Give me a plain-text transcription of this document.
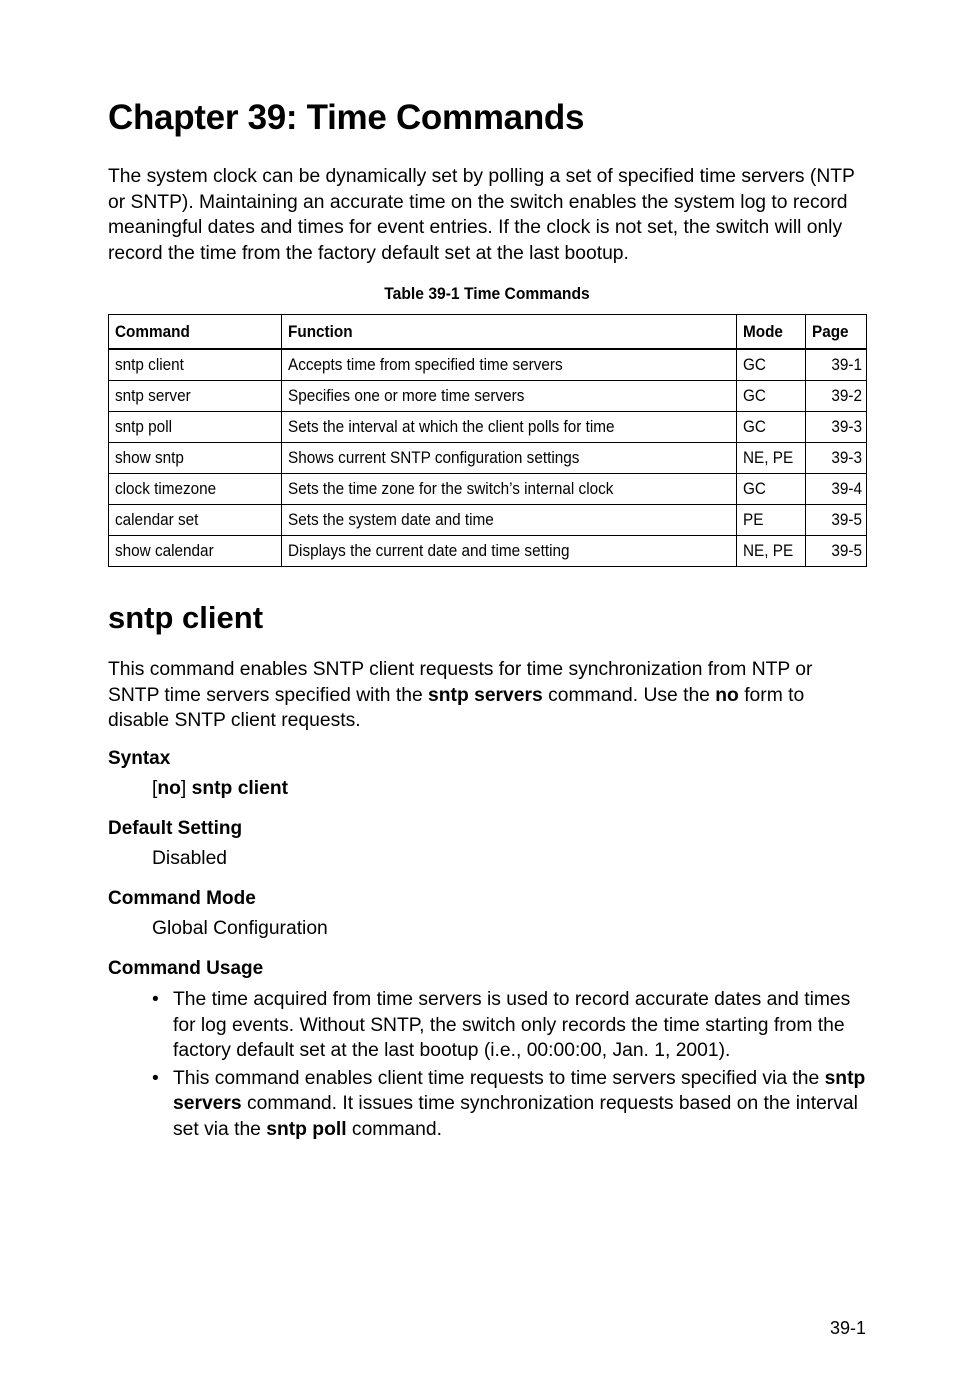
Chapter 39: Time Commands

The system clock can be dynamically set by polling a set of specified time servers (NTP or SNTP). Maintaining an accurate time on the switch enables the system log to record meaningful dates and times for event entries. If the clock is not set, the switch will only record the time from the factory default set at the last bootup.

Table 39-1 Time Commands
Command	Function	Mode	Page
sntp client	Accepts time from specified time servers	GC	39-1
sntp server	Specifies one or more time servers	GC	39-2
sntp poll	Sets the interval at which the client polls for time	GC	39-3
show sntp	Shows current SNTP configuration settings	NE, PE	39-3
clock timezone	Sets the time zone for the switch’s internal clock	GC	39-4
calendar set	Sets the system date and time	PE	39-5
show calendar	Displays the current date and time setting	NE, PE	39-5
sntp client

This command enables SNTP client requests for time synchronization from NTP or SNTP time servers specified with the sntp servers command. Use the no form to disable SNTP client requests.

Syntax

[no] sntp client

Default Setting

Disabled

Command Mode

Global Configuration

Command Usage
• The time acquired from time servers is used to record accurate dates and times for log events. Without SNTP, the switch only records the time starting from the factory default set at the last bootup (i.e., 00:00:00, Jan. 1, 2001).
• This command enables client time requests to time servers specified via the sntp servers command. It issues time synchronization requests based on the interval set via the sntp poll command.
39-1
